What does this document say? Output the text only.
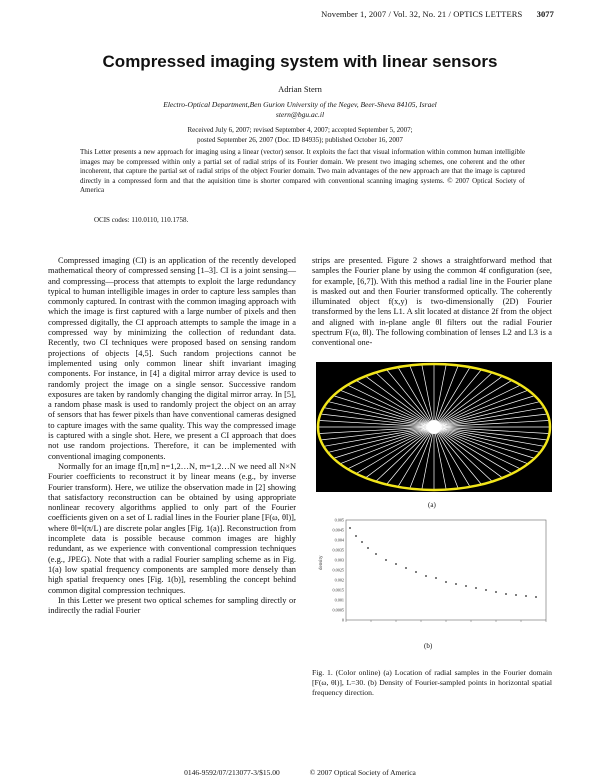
November 1, 2007 / Vol. 32, No. 21 / OPTICS LETTERS 3077
Compressed imaging system with linear sensors
Adrian Stern
Electro-Optical Department,Ben Gurion University of the Negev, Beer-Sheva 84105, Israel
stern@bgu.ac.il
Received July 6, 2007; revised September 4, 2007; accepted September 5, 2007;
posted September 26, 2007 (Doc. ID 84935); published October 16, 2007
This Letter presents a new approach for imaging using a linear (vector) sensor. It exploits the fact that visual information within common human intelligible images may be compressed within only a partial set of radial strips of its Fourier domain. We present two imaging schemes, one coherent and the other incoherent, that capture the partial set of radial strips of the object Fourier domain. Two main advantages of the new approach are that the image is captured directly in a compressed form and that the aquisition time is shorter compared with conventional scanning imaging systems. © 2007 Optical Society of America
OCIS codes: 110.0110, 110.1758.

Compressed imaging (CI) is an application of the recently developed mathematical theory of compressed sensing [1–3]. CI is a joint sensing—and compressing—process that attempts to exploit the large redundancy typical to human intelligible images in order to capture less samples than commonly captured. In contrast with the common imaging approach with which the image is first captured with a large number of pixels and then compressed digitally, the CI approach attempts to sample the image in a compressed way by minimizing the collection of redundant data. Recently, two CI techniques were proposed based on sensing random projections of objects [4,5]. Such random projections cannot be implemented using only common linear shift invariant imaging components. For instance, in [4] a digital mirror array device is used to randomly project the image on a single sensor. Successive random exposures are taken by randomly changing the digital mirror array. In [5], a random phase mask is used to randomly project the object on an array of sensors that has fewer pixels than have conventional cameras designed to capture images with the same quality. This way the compressed image is captured with a single shot. Here, we present a CI approach that does not use random projections. Therefore, it can be implemented with conventional imaging components.

Normally for an image f[n,m] n=1,2…N, m=1,2…N we need all N×N Fourier coefficients to reconstruct it by linear means (e.g., by inverse Fourier transform). Here, we utilize the observation made in [2] showing that satisfactory reconstruction can be obtained by using appropriate nonlinear recovery algorithms applied to only part of the Fourier coefficients given on a set of L radial lines in the Fourier plane [F(ω, θl)], where θl=l(π/L) are discrete polar angles [Fig. 1(a)]. Reconstruction from incomplete data is possible because common images are highly redundant, as we experience with conventional compression techniques (e.g., JPEG). Note that with a radial Fourier sampling scheme as in Fig. 1(a) low spatial frequency components are sampled more densely than high spatial frequency ones [Fig. 1(b)], resembling the concept behind common digital compression techniques.

In this Letter we present two optical schemes for sampling directly or indirectly the radial Fourier

strips are presented. Figure 2 shows a straightforward method that samples the Fourier plane by using the common 4f configuration (see, for example, [6,7]). With this method a radial line in the Fourier plane is masked out and then Fourier transformed optically. The coherently illuminated object f(x,y) is two-dimensionally (2D) Fourier transformed by the lens L1. A slit located at distance 2f from the object and aligned with in-plane angle θl filters out the radial Fourier spectrum F(ω, θl). The following combination of lenses L2 and L3 is a conventional one-

(a)
0.005
0.0045
0.004
0.0035
0.003
0.0025
0.002
0.0015
0.001
0.0005
0
density
(b)
Fig. 1. (Color online) (a) Location of radial samples in the Fourier domain [F(ω, θl)], L=30. (b) Density of Fourier-sampled points in horizontal spatial frequency direction.
0146-9592/07/213077-3/$15.00	© 2007 Optical Society of America
